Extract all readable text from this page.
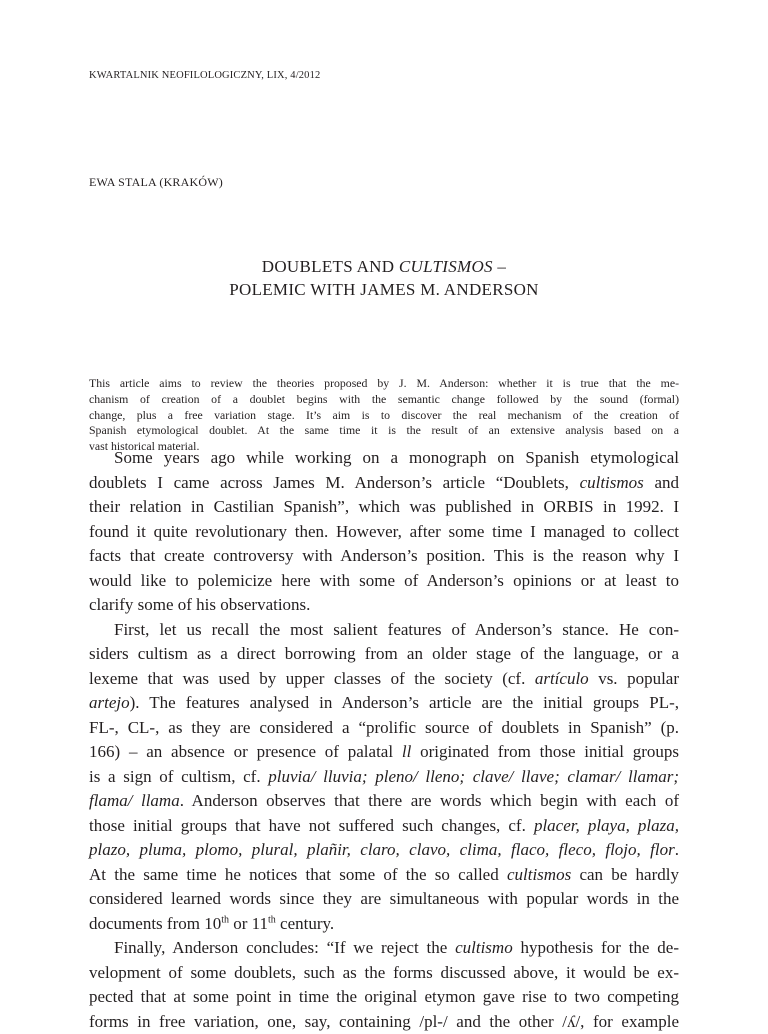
KWARTALNIK NEOFILOLOGICZNY, LIX, 4/2012
EWA STALA (KRAKÓW)
DOUBLETS AND CULTISMOS –
POLEMIC WITH JAMES M. ANDERSON
This article aims to review the theories proposed by J. M. Anderson: whether it is true that the me-
chanism of creation of a doublet begins with the semantic change followed by the sound (formal)
change, plus a free variation stage. It’s aim is to discover the real mechanism of the creation of
Spanish etymological doublet. At the same time it is the result of an extensive analysis based on a
vast historical material.
Some years ago while working on a monograph on Spanish etymological
doublets I came across James M. Anderson’s article “Doublets, cultismos and
their relation in Castilian Spanish”, which was published in ORBIS in 1992. I
found it quite revolutionary then. However, after some time I managed to collect
facts that create controversy with Anderson’s position. This is the reason why I
would like to polemicize here with some of Anderson’s opinions or at least to
clarify some of his observations.
First, let us recall the most salient features of Anderson’s stance. He con-
siders cultism as a direct borrowing from an older stage of the language, or a
lexeme that was used by upper classes of the society (cf. artículo vs. popular
artejo). The features analysed in Anderson’s article are the initial groups PL-,
FL-, CL-, as they are considered a “prolific source of doublets in Spanish” (p.
166) – an absence or presence of palatal ll originated from those initial groups
is a sign of cultism, cf. pluvia/ lluvia; pleno/ lleno; clave/ llave; clamar/ llamar;
flama/ llama. Anderson observes that there are words which begin with each of
those initial groups that have not suffered such changes, cf. placer, playa, plaza,
plazo, pluma, plomo, plural, plañir, claro, clavo, clima, flaco, fleco, flojo, flor.
At the same time he notices that some of the so called cultismos can be hardly
considered learned words since they are simultaneous with popular words in the
documents from 10th or 11th century.
Finally, Anderson concludes: “If we reject the cultismo hypothesis for the de-
velopment of some doublets, such as the forms discussed above, it would be ex-
pected that at some point in time the original etymon gave rise to two competing
forms in free variation, one, say, containing /pl-/ and the other /ʎ/, for example
